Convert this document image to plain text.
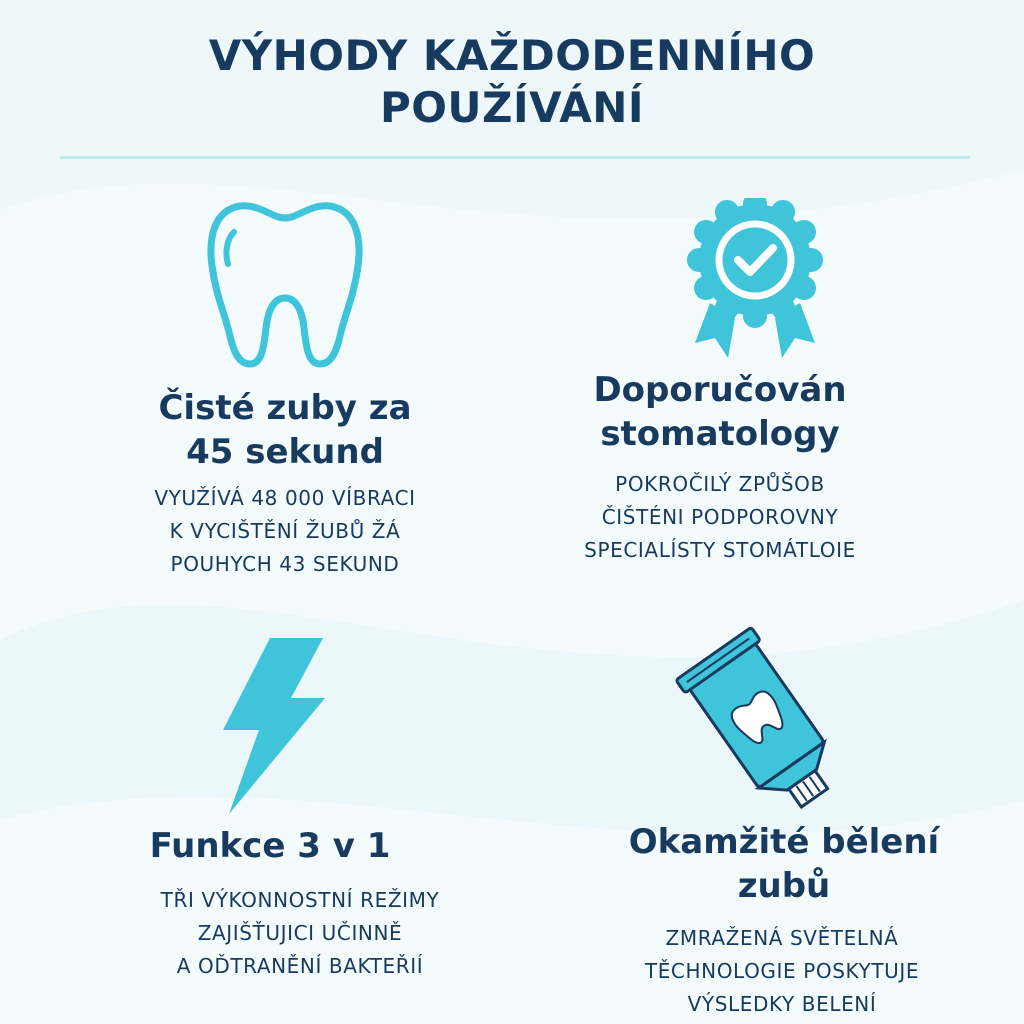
VÝHODY KAŽDODENNÍHO
POUŽÍVÁNÍ
Čisté zuby za
45 sekund
VYUŽÍVÁ 48 000 VÍBRACI
K VYCIŠTĚNÍ ŽUBŮ ŽÁ
POUHYCH 43 SEKUND
Doporučován
stomatology
POKROČILÝ ZPŮŠOB
ČIŠTÉNI PODPOROVNY
SPECIALÍSTY STOMÁTLOIE
Funkce 3 v 1
TŘI VÝKONNOSTNÍ REŽIMY
ZAJIŠŤUJICI UČINNĚ
A OĎTRANĚNÍ BAKTEŘIÍ
Okamžité bělení
zubů
ZMRAŽENÁ SVĚTELNÁ
TĚCHNOLOGIE POSKYTUJE
VÝSLEDKY BELENÍ
